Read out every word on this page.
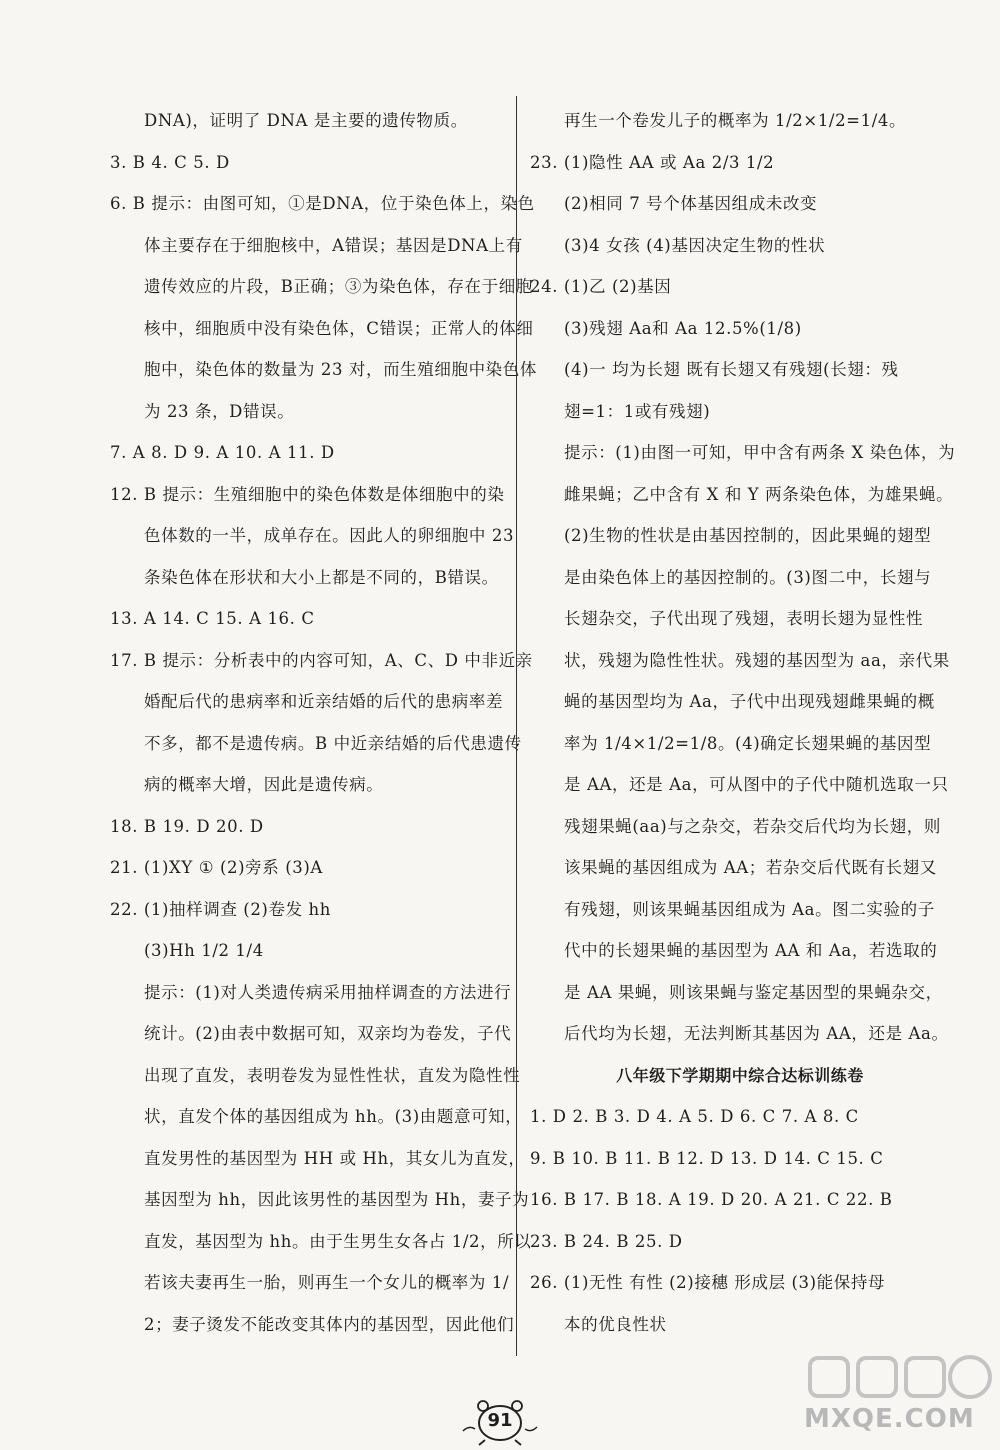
DNA)，证明了 DNA 是主要的遗传物质。
3. B 4. C 5. D
6. B 提示：由图可知，①是DNA，位于染色体上，染色
体主要存在于细胞核中，A错误；基因是DNA上有
遗传效应的片段，B正确；③为染色体，存在于细胞
核中，细胞质中没有染色体，C错误；正常人的体细
胞中，染色体的数量为 23 对，而生殖细胞中染色体
为 23 条，D错误。
7. A 8. D 9. A 10. A 11. D
12. B 提示：生殖细胞中的染色体数是体细胞中的染
色体数的一半，成单存在。因此人的卵细胞中 23
条染色体在形状和大小上都是不同的，B错误。
13. A 14. C 15. A 16. C
17. B 提示：分析表中的内容可知，A、C、D 中非近亲
婚配后代的患病率和近亲结婚的后代的患病率差
不多，都不是遗传病。B 中近亲结婚的后代患遗传
病的概率大增，因此是遗传病。
18. B 19. D 20. D
21. (1)XY ① (2)旁系 (3)A
22. (1)抽样调查 (2)卷发 hh
(3)Hh 1/2 1/4
提示：(1)对人类遗传病采用抽样调查的方法进行
统计。(2)由表中数据可知，双亲均为卷发，子代
出现了直发，表明卷发为显性性状，直发为隐性性
状，直发个体的基因组成为 hh。(3)由题意可知，
直发男性的基因型为 HH 或 Hh，其女儿为直发，
基因型为 hh，因此该男性的基因型为 Hh，妻子为
直发，基因型为 hh。由于生男生女各占 1/2，所以
若该夫妻再生一胎，则再生一个女儿的概率为 1/
2；妻子烫发不能改变其体内的基因型，因此他们
再生一个卷发儿子的概率为 1/2×1/2=1/4。
23. (1)隐性 AA 或 Aa 2/3 1/2
(2)相同 7 号个体基因组成未改变
(3)4 女孩 (4)基因决定生物的性状
24. (1)乙 (2)基因
(3)残翅 Aa和 Aa 12.5%(1/8)
(4)一 均为长翅 既有长翅又有残翅(长翅：残
翅=1：1或有残翅)
提示：(1)由图一可知，甲中含有两条 X 染色体，为
雌果蝇；乙中含有 X 和 Y 两条染色体，为雄果蝇。
(2)生物的性状是由基因控制的，因此果蝇的翅型
是由染色体上的基因控制的。(3)图二中，长翅与
长翅杂交，子代出现了残翅，表明长翅为显性性
状，残翅为隐性性状。残翅的基因型为 aa，亲代果
蝇的基因型均为 Aa，子代中出现残翅雌果蝇的概
率为 1/4×1/2=1/8。(4)确定长翅果蝇的基因型
是 AA，还是 Aa，可从图中的子代中随机选取一只
残翅果蝇(aa)与之杂交，若杂交后代均为长翅，则
该果蝇的基因组成为 AA；若杂交后代既有长翅又
有残翅，则该果蝇基因组成为 Aa。图二实验的子
代中的长翅果蝇的基因型为 AA 和 Aa，若选取的
是 AA 果蝇，则该果蝇与鉴定基因型的果蝇杂交，
后代均为长翅，无法判断其基因为 AA，还是 Aa。
八年级下学期期中综合达标训练卷
1. D 2. B 3. D 4. A 5. D 6. C 7. A 8. C
9. B 10. B 11. B 12. D 13. D 14. C 15. C
16. B 17. B 18. A 19. D 20. A 21. C 22. B
23. B 24. B 25. D
26. (1)无性 有性 (2)接穗 形成层 (3)能保持母
本的优良性状
91	MXQE.COM
